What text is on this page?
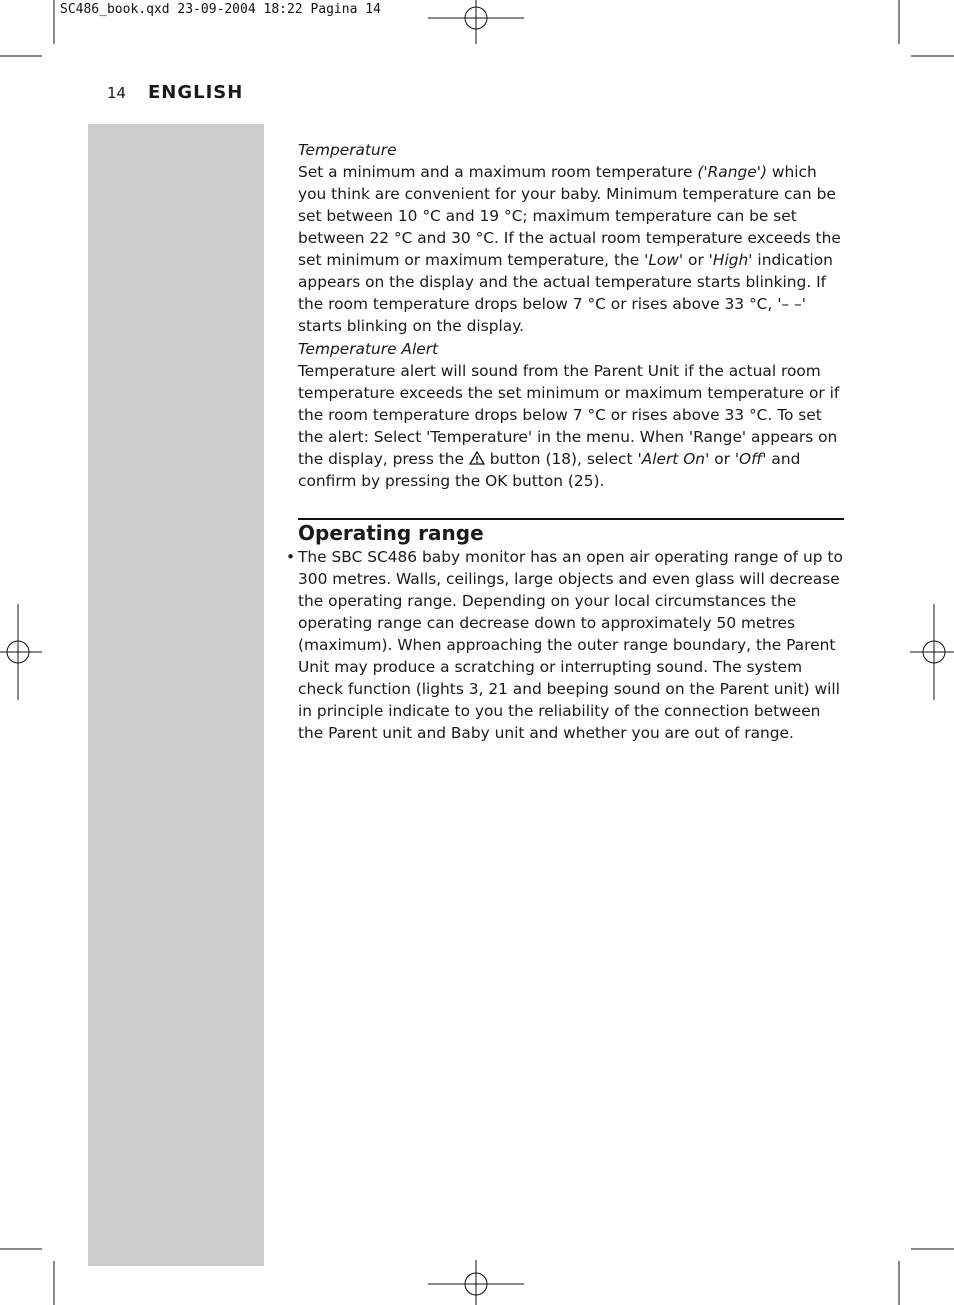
SC486_book.qxd 23-09-2004 18:22 Pagina 14
14 ENGLISH

Temperature

Set a minimum and a maximum room temperature ('Range') which you think are convenient for your baby. Minimum temperature can be set between 10 °C and 19 °C; maximum temperature can be set between 22 °C and 30 °C. If the actual room temperature exceeds the set minimum or maximum temperature, the 'Low' or 'High' indication appears on the display and the actual temperature starts blinking. If the room temperature drops below 7 °C or rises above 33 °C, '– –' starts blinking on the display.

Temperature Alert

Temperature alert will sound from the Parent Unit if the actual room temperature exceeds the set minimum or maximum temperature or if the room temperature drops below 7 °C or rises above 33 °C. To set the alert: Select 'Temperature' in the menu. When 'Range' appears on the display, press the  button (18), select 'Alert On' or 'Off' and confirm by pressing the OK button (25).

Operating range
• The SBC SC486 baby monitor has an open air operating range of up to 300 metres. Walls, ceilings, large objects and even glass will decrease the operating range. Depending on your local circumstances the operating range can decrease down to approximately 50 metres (maximum). When approaching the outer range boundary, the Parent Unit may produce a scratching or interrupting sound. The system check function (lights 3, 21 and beeping sound on the Parent unit) will in principle indicate to you the reliability of the connection between the Parent unit and Baby unit and whether you are out of range.
